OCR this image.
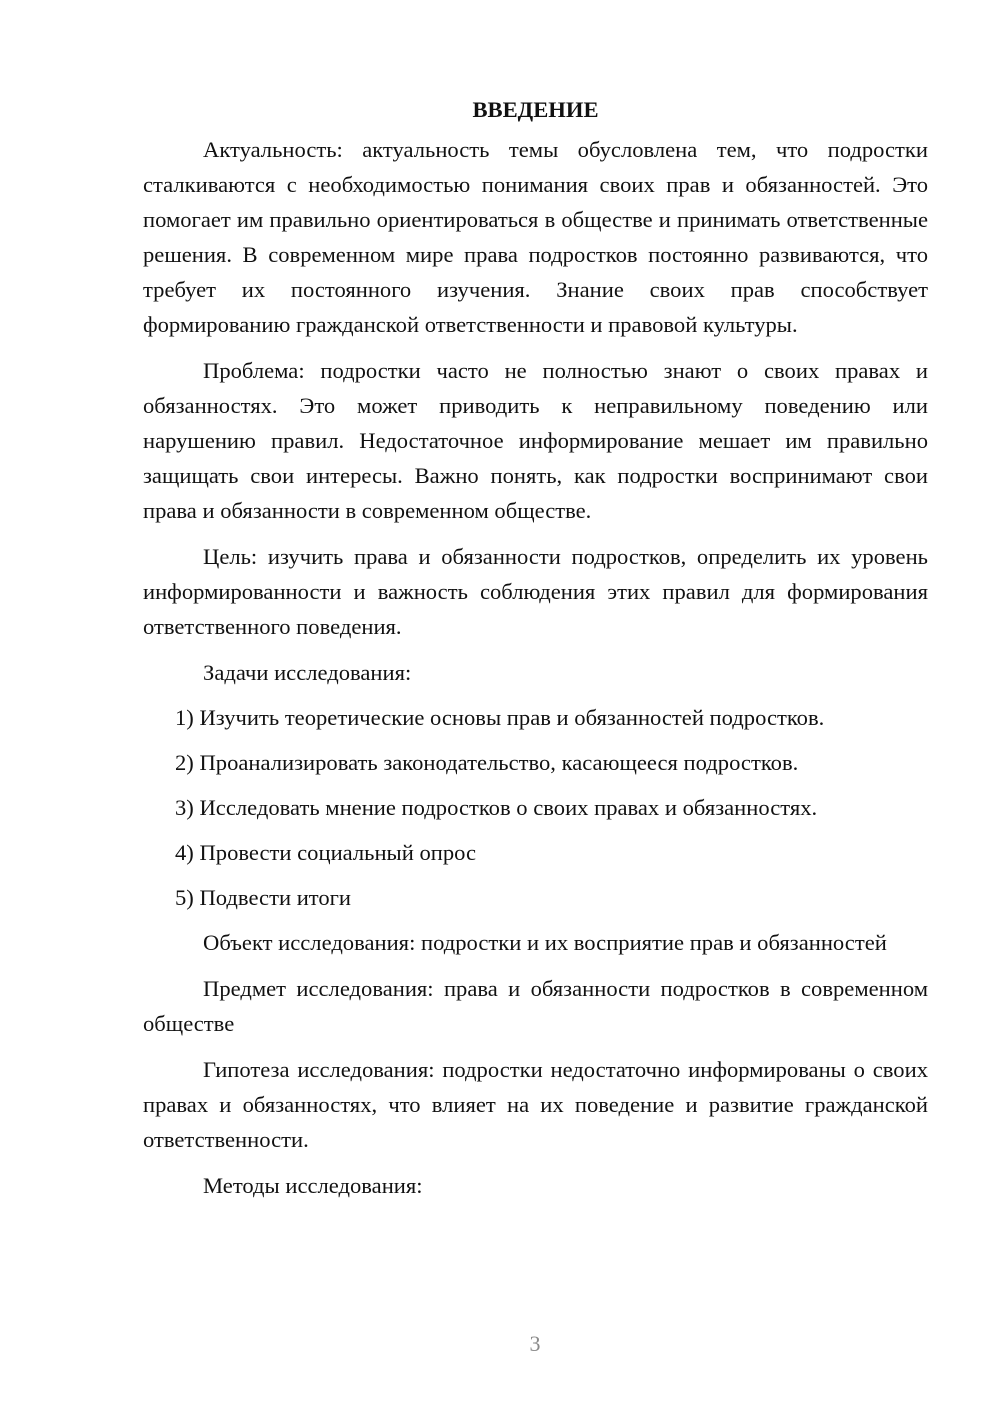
ВВЕДЕНИЕ

Актуальность: актуальность темы обусловлена тем, что подростки сталкиваются с необходимостью понимания своих прав и обязанностей. Это помогает им правильно ориентироваться в обществе и принимать ответственные решения. В современном мире права подростков постоянно развиваются, что требует их постоянного изучения. Знание своих прав способствует формированию гражданской ответственности и правовой культуры.

Проблема: подростки часто не полностью знают о своих правах и обязанностях. Это может приводить к неправильному поведению или нарушению правил. Недостаточное информирование мешает им правильно защищать свои интересы. Важно понять, как подростки воспринимают свои права и обязанности в современном обществе.

Цель: изучить права и обязанности подростков, определить их уровень информированности и важность соблюдения этих правил для формирования ответственного поведения.

Задачи исследования:

1) Изучить теоретические основы прав и обязанностей подростков.

2) Проанализировать законодательство, касающееся подростков.

3) Исследовать мнение подростков о своих правах и обязанностях.

4) Провести социальный опрос

5) Подвести итоги

Объект исследования: подростки и их восприятие прав и обязанностей

Предмет исследования: права и обязанности подростков в современном обществе

Гипотеза исследования: подростки недостаточно информированы о своих правах и обязанностях, что влияет на их поведение и развитие гражданской ответственности.

Методы исследования:

3
